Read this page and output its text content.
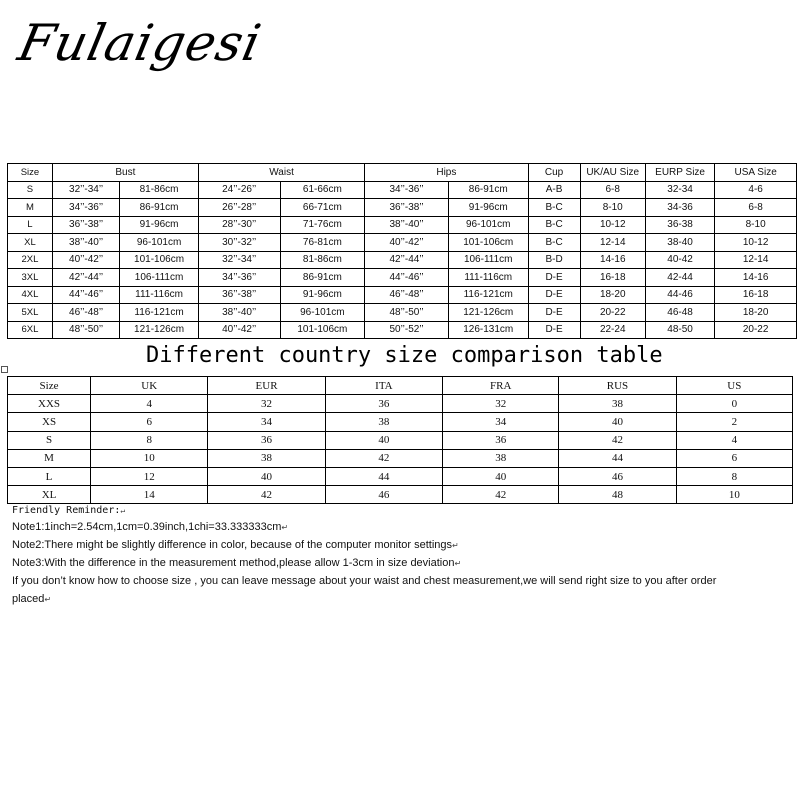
Fulaigesi
Size	Bust		Waist		Hips		Cup	UK/AU Size	EURP Size	USA Size
S	32’’-34’’	81-86cm	24’’-26’’	61-66cm	34’’-36’’	86-91cm	A-B	6-8	32-34	4-6
M	34’’-36’’	86-91cm	26’’-28’’	66-71cm	36’’-38’’	91-96cm	B-C	8-10	34-36	6-8
L	36’’-38’’	91-96cm	28’’-30’’	71-76cm	38’’-40’’	96-101cm	B-C	10-12	36-38	8-10
XL	38’’-40’’	96-101cm	30’’-32’’	76-81cm	40’’-42’’	101-106cm	B-C	12-14	38-40	10-12
2XL	40’’-42’’	101-106cm	32’’-34’’	81-86cm	42’’-44’’	106-111cm	B-D	14-16	40-42	12-14
3XL	42’’-44’’	106-111cm	34’’-36’’	86-91cm	44’’-46’’	111-116cm	D-E	16-18	42-44	14-16
4XL	44’’-46’’	111-116cm	36’’-38’’	91-96cm	46’’-48’’	116-121cm	D-E	18-20	44-46	16-18
5XL	46’’-48’’	116-121cm	38’’-40’’	96-101cm	48’’-50’’	121-126cm	D-E	20-22	46-48	18-20
6XL	48’’-50’’	121-126cm	40’’-42’’	101-106cm	50’’-52’’	126-131cm	D-E	22-24	48-50	20-22
Different country size comparison table
Size	UK	EUR	ITA	FRA	RUS	US
XXS	4	32	36	32	38	0
XS	6	34	38	34	40	2
S	8	36	40	36	42	4
M	10	38	42	38	44	6
L	12	40	44	40	46	8
XL	14	42	46	42	48	10
Friendly Reminder:↵
Note1:1inch=2.54cm,1cm=0.39inch,1chi=33.333333cm↵
Note2:There might be slightly difference in color, because of the computer monitor settings↵
Note3:With the difference in the measurement method,please allow 1-3cm in size deviation↵
If you don’t know how to choose size , you can leave message about your waist and chest measurement,we will send right size to you after order
placed↵
